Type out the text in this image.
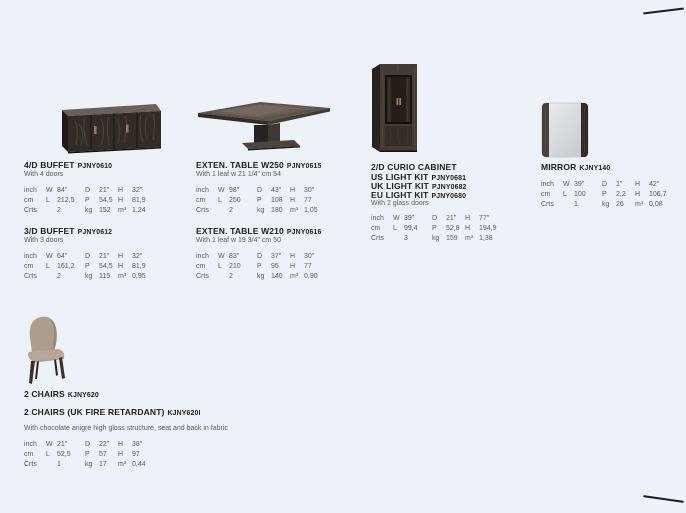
4/D BUFFET PJNY0610
With 4 doors
inch W 84"	D	21" H	32"
cm L	212,5 P	54,5 H	81,9
Crts	2	kg 152 m³ 1,24
3/D BUFFET PJNY0612
With 3 doors
inch W 64"	D	21" H	32"
cm L	161,2 P	54,5 H	81,9
Crts	2	kg 115 m³ 0,95
EXTEN. TABLE W250 PJNY0615
With 1 leaf w 21 1/4" cm 54
inch W 98"	D	43" H	30"
cm L	250 P	108 H	77
Crts	2	kg 180 m³ 1,05
EXTEN. TABLE W210 PJNY0616
With 1 leaf w 19 3/4" cm 50
inch W 83"	D	37" H	30"
cm L	210 P	95 H	77
Crts	2	kg 140 m³ 0,90
2/D CURIO CABINET
US LIGHT KIT PJNY0681
UK LIGHT KIT PJNY0682
EU LIGHT KIT PJNY0680
With 2 glass doors
inch W 39"	D	21" H	77"
cm L	99,4 P	52,8 H	194,9
Crts	3	kg 159 m³ 1,38
MIRROR KJNY140
inch W 39"	D	1" H	42"
cm L	100 P	2,2 H	106,7
Crts	1	kg 26 m³ 0,08
2 CHAIRS KJNY620
2 CHAIRS (UK FIRE RETARDANT) KJNY620I
With chocolate anigre high gloss structure, seat and back in fabric
inch W 21"	D	22" H	38"
cm L	52,5 P	57 H	97
Crts	1	kg 17 m³ 0,44
